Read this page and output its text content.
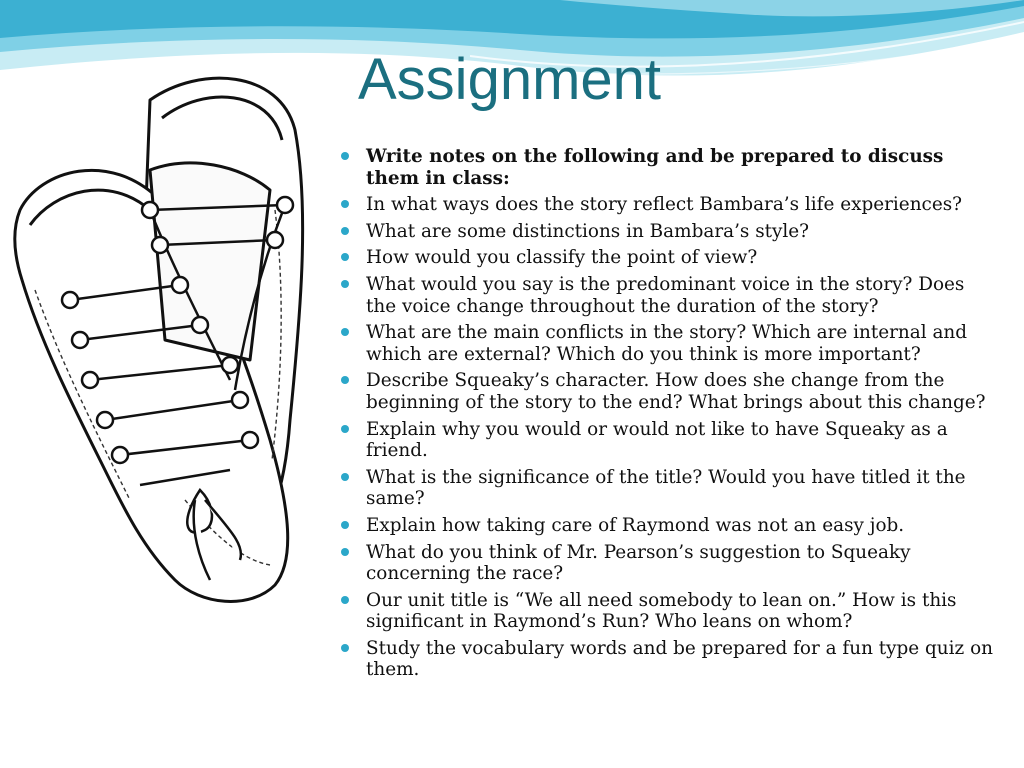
Assignment
Write notes on the following and be prepared to discuss them in class:
In what ways does the story reflect Bambara’s life experiences?
What are some distinctions in Bambara’s style?
How would you classify the point of view?
What would you say is the predominant voice in the story? Does the voice change throughout the duration of the story?
What are the main conflicts in the story? Which are internal and which are external? Which do you think is more important?
Describe Squeaky’s character. How does she change from the beginning of the story to the end? What brings about this change?
Explain why you would or would not like to have Squeaky as a friend.
What is the significance of the title? Would you have titled it the same?
Explain how taking care of Raymond was not an easy job.
What do you think of Mr. Pearson’s suggestion to Squeaky concerning the race?
Our unit title is “We all need somebody to lean on.” How is this significant in Raymond’s Run? Who leans on whom?
Study the vocabulary words and be prepared for a fun type quiz on them.
